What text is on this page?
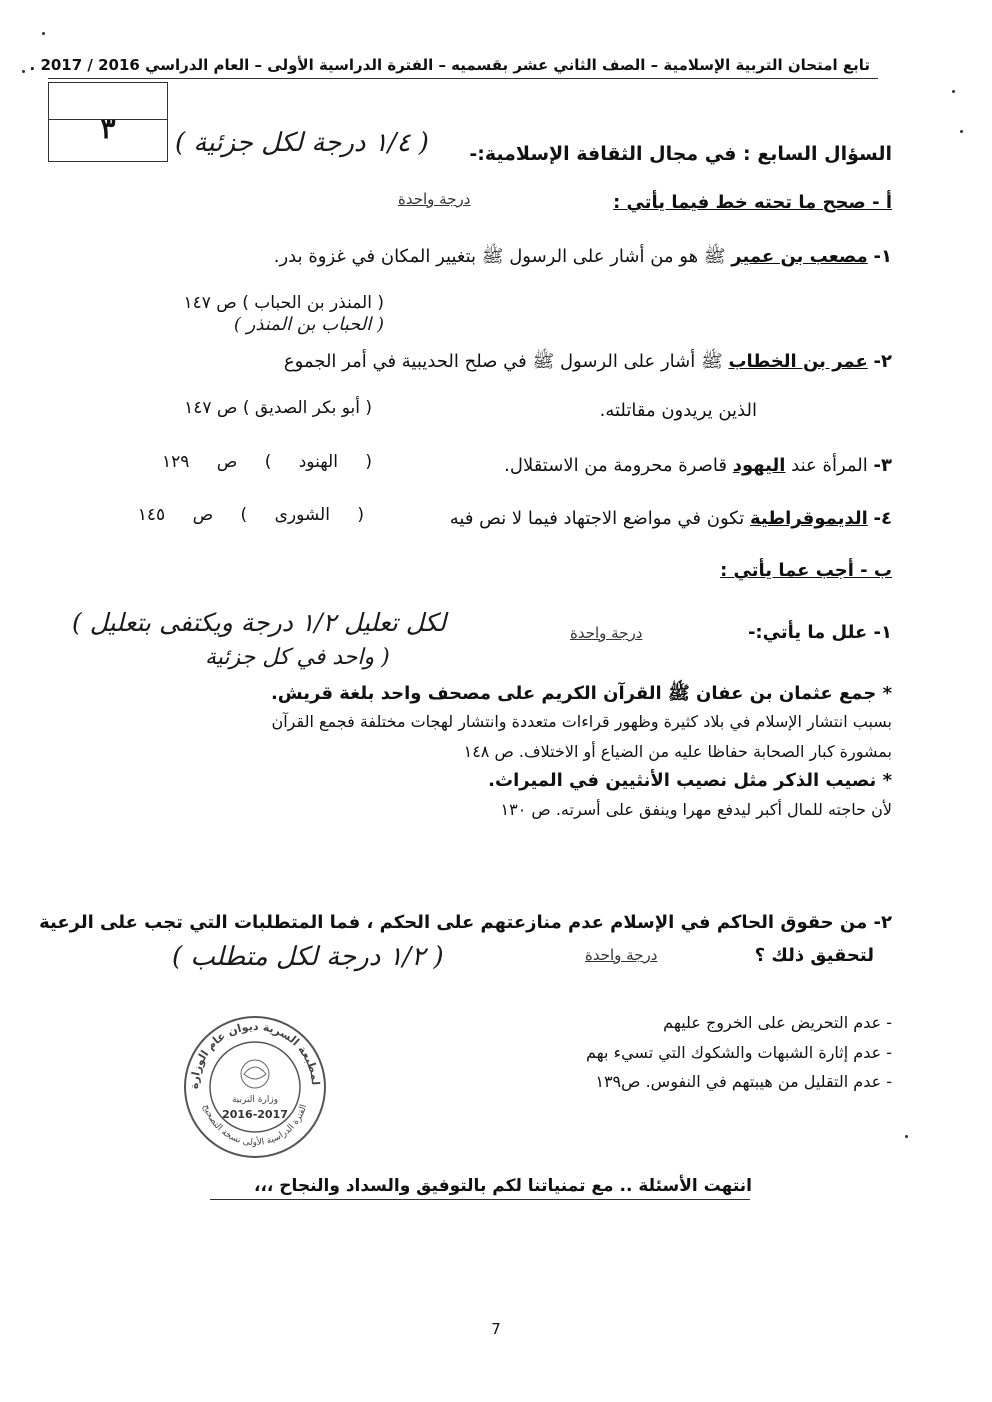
تابع امتحان التربية الإسلامية – الصف الثاني عشر بقسميه – الفترة الدراسية الأولى – العام الدراسي 2016 / 2017 .
٣
السؤال السابع : في مجال الثقافة الإسلامية:-
( ١/٤ درجة لكل جزئية )
أ - صحح ما تحته خط فيما يأتي :
درجة واحدة
١- مصعب بن عمير ﷺ هو من أشار على الرسول ﷺ بتغيير المكان في غزوة بدر.
( المنذر بن الحباب ) ص ١٤٧
( الحباب بن المنذر )
٢- عمر بن الخطاب ﷺ أشار على الرسول ﷺ في صلح الحديبية في أمر الجموع
الذين يريدون مقاتلته.
( أبو بكر الصديق ) ص ١٤٧
٣- المرأة عند اليهود قاصرة محرومة من الاستقلال.
( الهنود ) ص ١٢٩
٤- الديموقراطية تكون في مواضع الاجتهاد فيما لا نص فيه
( الشورى ) ص ١٤٥
ب - أجب عما يأتي :
١- علل ما يأتي:-
درجة واحدة
( لكل تعليل ١/٢ درجة ويكتفى بتعليل
واحد في كل جزئية )
* جمع عثمان بن عفان ﷺ القرآن الكريم على مصحف واحد بلغة قريش.
بسبب انتشار الإسلام في بلاد كثيرة وظهور قراءات متعددة وانتشار لهجات مختلفة فجمع القرآن
بمشورة كبار الصحابة حفاظا عليه من الضياع أو الاختلاف. ص ١٤٨
* نصيب الذكر مثل نصيب الأنثيين في الميراث.
لأن حاجته للمال أكبر ليدفع مهرا وينفق على أسرته. ص ١٣٠
٢- من حقوق الحاكم في الإسلام عدم منازعتهم على الحكم ، فما المتطلبات التي تجب على الرعية
لتحقيق ذلك ؟
درجة واحدة
( ١/٢ درجة لكل متطلب )
- عدم التحريض على الخروج عليهم
- عدم إثارة الشبهات والشكوك التي تسيء بهم
- عدم التقليل من هيبتهم في النفوس. ص١٣٩
لمطبعة السرية ديوان عام الوزارة
الفترة الدراسية الأولى نسخة التصحيح
وزارة التربية
2016-2017
انتهت الأسئلة .. مع تمنياتنا لكم بالتوفيق والسداد والنجاح ،،،
7
